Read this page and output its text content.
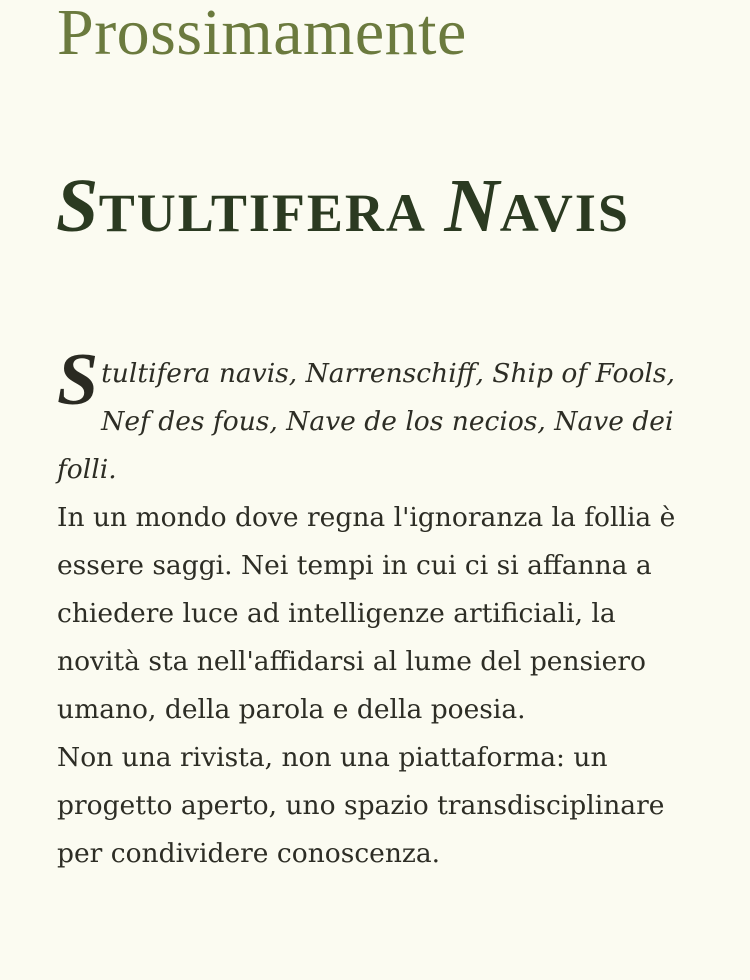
Prossimamente
STULTIFERA NAVIS

Stultifera navis, Narrenschiff, Ship of Fools, Nef des fous, Nave de los necios, Nave dei folli.

In un mondo dove regna l'ignoranza la follia è essere saggi. Nei tempi in cui ci si affanna a chiedere luce ad intelligenze artificiali, la novità sta nell'affidarsi al lume del pensiero umano, della parola e della poesia.

Non una rivista, non una piattaforma: un progetto aperto, uno spazio transdisciplinare per condividere conoscenza.
